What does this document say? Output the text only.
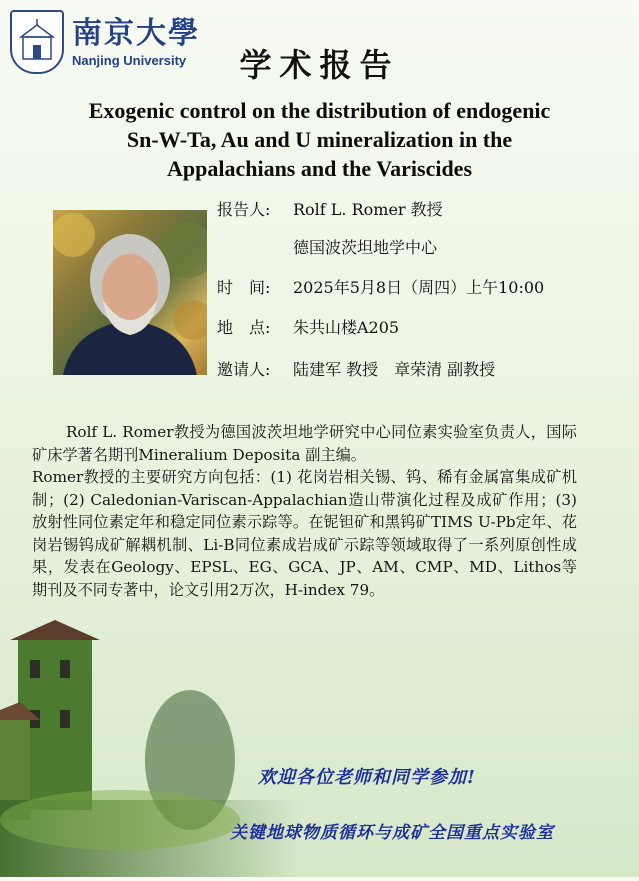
南京大學
Nanjing University	学术报告
Exogenic control on the distribution of endogenic
Sn-W-Ta, Au and U mineralization in the
Appalachians and the Variscides
报告人: Rolf L. Romer 教授
德国波茨坦地学中心
时　间: 2025年5月8日（周四）上午10:00
地　点: 朱共山楼A205
邀请人: 陆建军 教授　章荣清 副教授

Rolf L. Romer教授为德国波茨坦地学研究中心同位素实验室负责人，国际矿床学著名期刊Mineralium Deposita 副主编。

Romer教授的主要研究方向包括：(1) 花岗岩相关锡、钨、稀有金属富集成矿机制；(2) Caledonian-Variscan-Appalachian造山带演化过程及成矿作用；(3) 放射性同位素定年和稳定同位素示踪等。在铌钽矿和黑钨矿TIMS U-Pb定年、花岗岩锡钨成矿解耦机制、Li-B同位素成岩成矿示踪等领域取得了一系列原创性成果，发表在Geology、EPSL、EG、GCA、JP、AM、CMP、MD、Lithos等期刊及不同专著中，论文引用2万次，H-index 79。

欢迎各位老师和同学参加!
关键地球物质循环与成矿全国重点实验室
